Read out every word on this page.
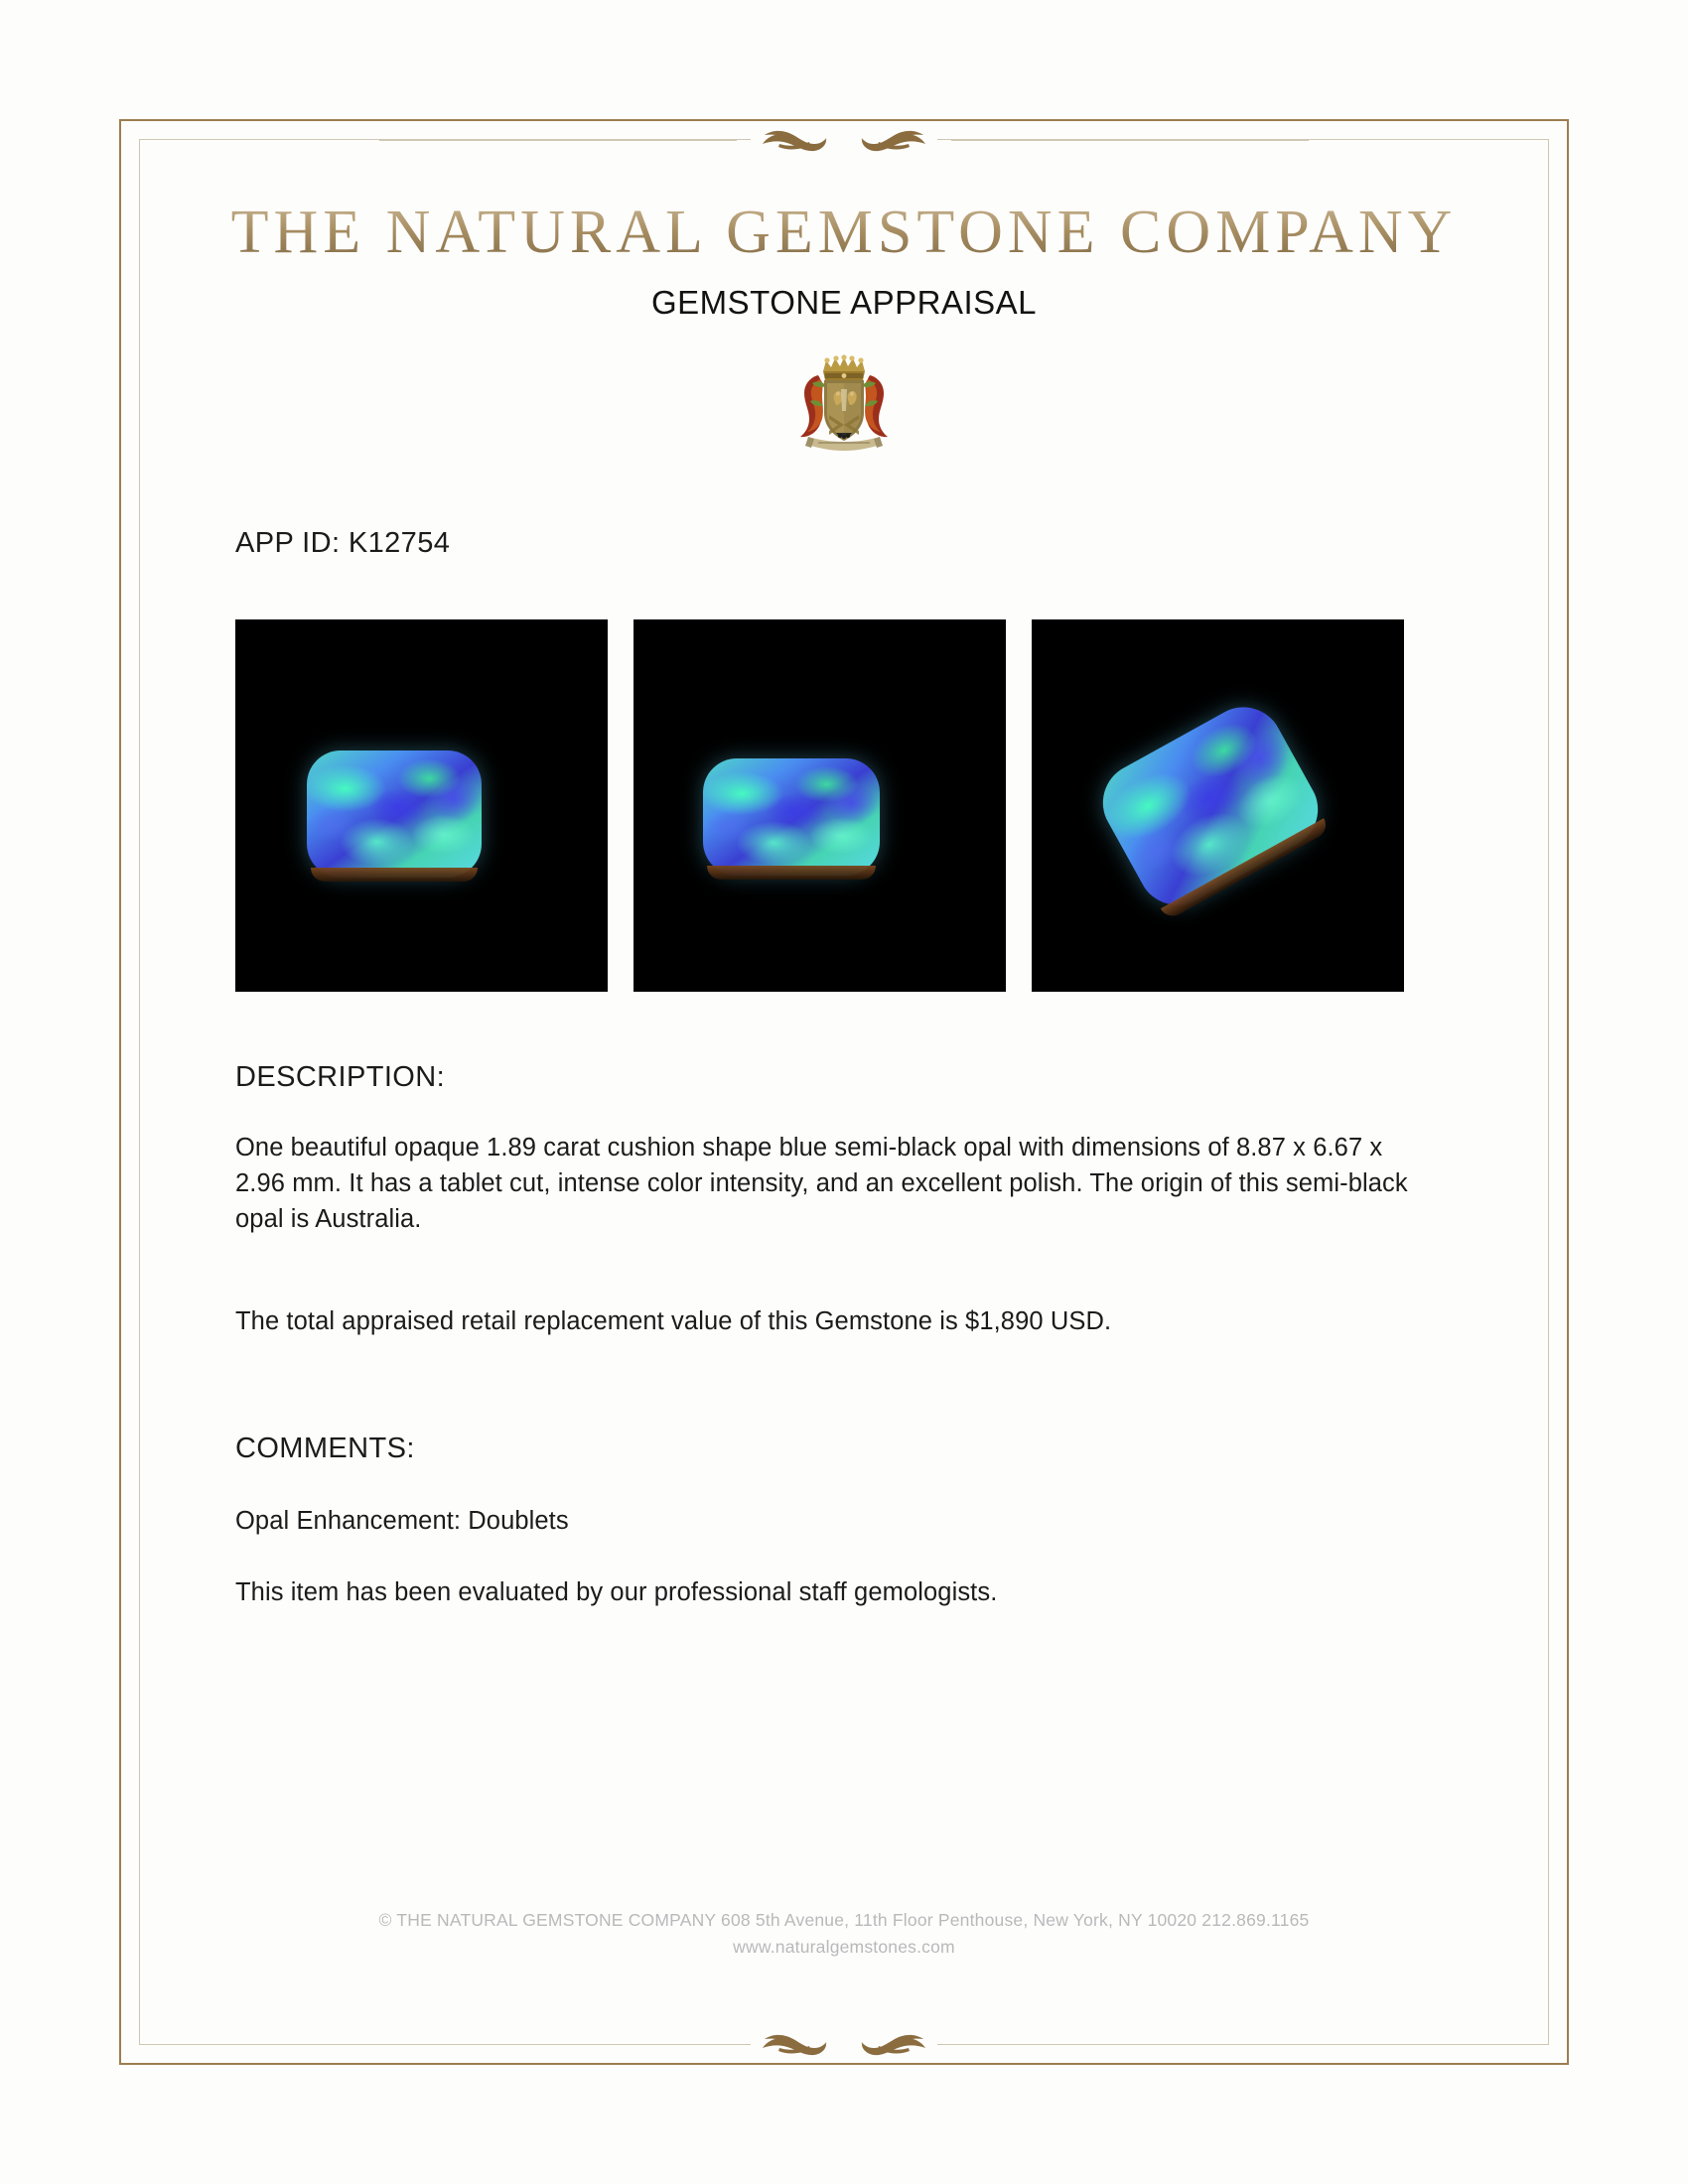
THE NATURAL GEMSTONE COMPANY
GEMSTONE APPRAISAL

APP ID: K12754

DESCRIPTION:

One beautiful opaque 1.89 carat cushion shape blue semi-black opal with dimensions of 8.87 x 6.67 x 2.96 mm. It has a tablet cut, intense color intensity, and an excellent polish. The origin of this semi-black opal is Australia.

The total appraised retail replacement value of this Gemstone is $1,890 USD.

COMMENTS:

Opal Enhancement: Doublets

This item has been evaluated by our professional staff gemologists.

© THE NATURAL GEMSTONE COMPANY 608 5th Avenue, 11th Floor Penthouse, New York, NY 10020 212.869.1165
www.naturalgemstones.com
